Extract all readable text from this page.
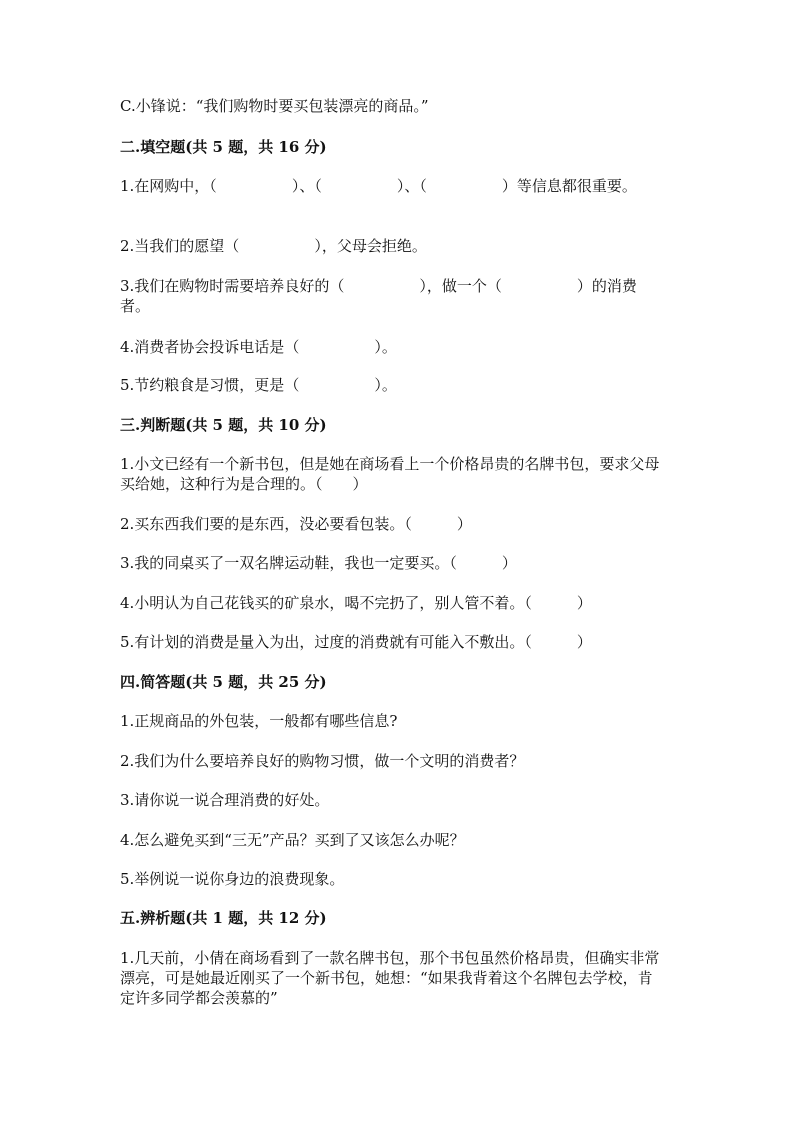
C.小锋说：“我们购物时要买包装漂亮的商品。”
二.填空题(共 5 题，共 16 分)
1.在网购中，（　　　　　）、（　　　　　）、（　　　　　）等信息都很重要。
2.当我们的愿望（　　　　　），父母会拒绝。
3.我们在购物时需要培养良好的（　　　　　），做一个（　　　　　）的消费者。
4.消费者协会投诉电话是（　　　　　）。
5.节约粮食是习惯，更是（　　　　　）。
三.判断题(共 5 题，共 10 分)
1.小文已经有一个新书包，但是她在商场看上一个价格昂贵的名牌书包，要求父母买给她，这种行为是合理的。（　　）
2.买东西我们要的是东西，没必要看包装。（　　　）
3.我的同桌买了一双名牌运动鞋，我也一定要买。（　　　）
4.小明认为自己花钱买的矿泉水，喝不完扔了，别人管不着。（　　　）
5.有计划的消费是量入为出，过度的消费就有可能入不敷出。（　　　）
四.简答题(共 5 题，共 25 分)
1.正规商品的外包装，一般都有哪些信息?
2.我们为什么要培养良好的购物习惯，做一个文明的消费者？
3.请你说一说合理消费的好处。
4.怎么避免买到“三无”产品？买到了又该怎么办呢？
5.举例说一说你身边的浪费现象。
五.辨析题(共 1 题，共 12 分)
1.几天前，小倩在商场看到了一款名牌书包，那个书包虽然价格昂贵，但确实非常漂亮，可是她最近刚买了一个新书包，她想：“如果我背着这个名牌包去学校，肯定许多同学都会羡慕的”
